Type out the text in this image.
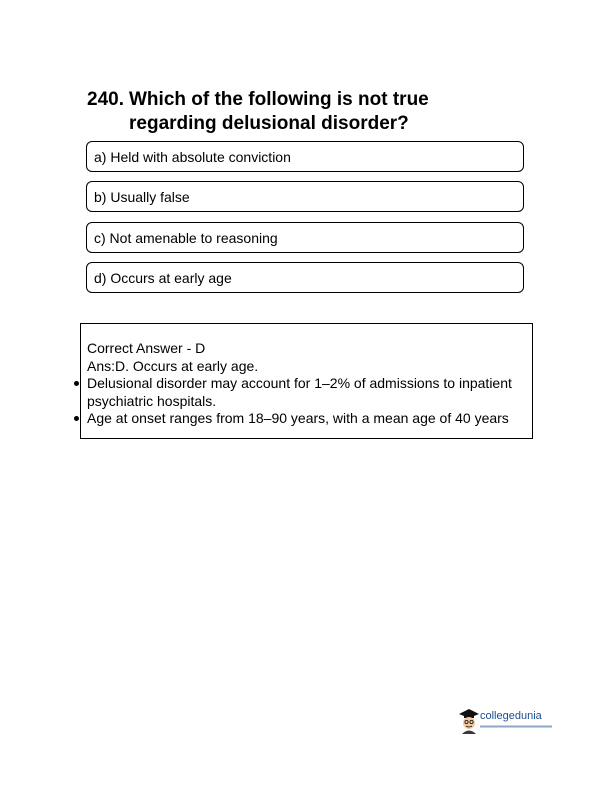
240. Which of the following is not true
regarding delusional disorder?
a) Held with absolute conviction
b) Usually false
c) Not amenable to reasoning
d) Occurs at early age
Correct Answer - D
Ans:D. Occurs at early age.
Delusional disorder may account for 1–2% of admissions to inpatient
psychiatric hospitals.
Age at onset ranges from 18–90 years, with a mean age of 40 years
collegedunia
